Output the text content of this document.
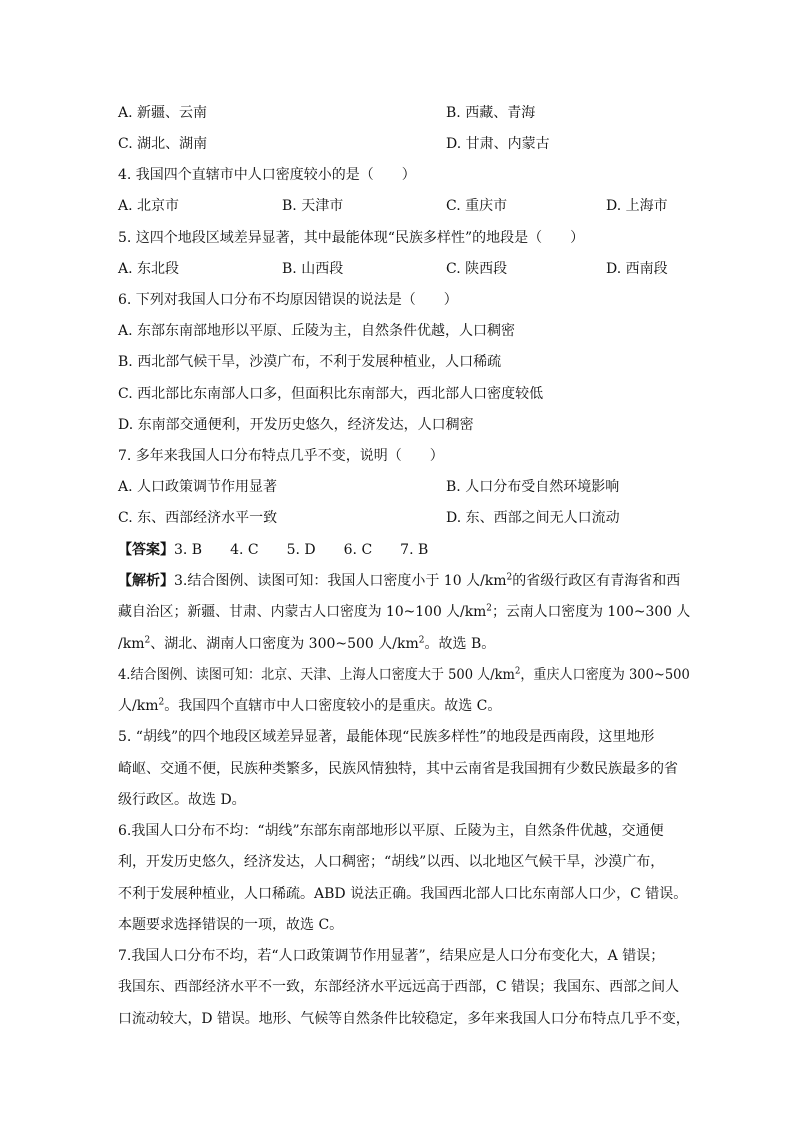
A. 新疆、云南	B. 西藏、青海
C. 湖北、湖南	D. 甘肃、内蒙古
4. 我国四个直辖市中人口密度较小的是（　　）
A. 北京市	B. 天津市	C. 重庆市	D. 上海市
5. 这四个地段区域差异显著，其中最能体现“民族多样性”的地段是（　　）
A. 东北段	B. 山西段	C. 陕西段	D. 西南段
6. 下列对我国人口分布不均原因错误的说法是（　　）
A. 东部东南部地形以平原、丘陵为主，自然条件优越，人口稠密
B. 西北部气候干旱，沙漠广布，不利于发展种植业，人口稀疏
C. 西北部比东南部人口多，但面积比东南部大，西北部人口密度较低
D. 东南部交通便利，开发历史悠久，经济发达，人口稠密
7. 多年来我国人口分布特点几乎不变，说明（　　）
A. 人口政策调节作用显著	B. 人口分布受自然环境影响
C. 东、西部经济水平一致	D. 东、西部之间无人口流动
【答案】3. B　　4. C　　5. D　　6. C　　7. B
【解析】3.结合图例、读图可知：我国人口密度小于 10 人$/km^2$的省级行政区有青海省和西
藏自治区；新疆、甘肃、内蒙古人口密度为 10~100 人$/km^2$；云南人口密度为 100~300 人
$/km^2$、湖北、湖南人口密度为 300~500 人$/km^2$。故选 B。
4.结合图例、读图可知：北京、天津、上海人口密度大于 500 人$/km^2$，重庆人口密度为 300~500
人$/km^2$。我国四个直辖市中人口密度较小的是重庆。故选 C。
5. “胡线”的四个地段区域差异显著，最能体现“民族多样性”的地段是西南段，这里地形
崎岖、交通不便，民族种类繁多，民族风情独特，其中云南省是我国拥有少数民族最多的省
级行政区。故选 D。
6.我国人口分布不均：“胡线”东部东南部地形以平原、丘陵为主，自然条件优越，交通便
利，开发历史悠久，经济发达，人口稠密；“胡线”以西、以北地区气候干旱，沙漠广布，
不利于发展种植业，人口稀疏。ABD 说法正确。我国西北部人口比东南部人口少，C 错误。
本题要求选择错误的一项，故选 C。
7.我国人口分布不均，若“人口政策调节作用显著”，结果应是人口分布变化大，A 错误；
我国东、西部经济水平不一致，东部经济水平远远高于西部，C 错误；我国东、西部之间人
口流动较大，D 错误。地形、气候等自然条件比较稳定，多年来我国人口分布特点几乎不变，
